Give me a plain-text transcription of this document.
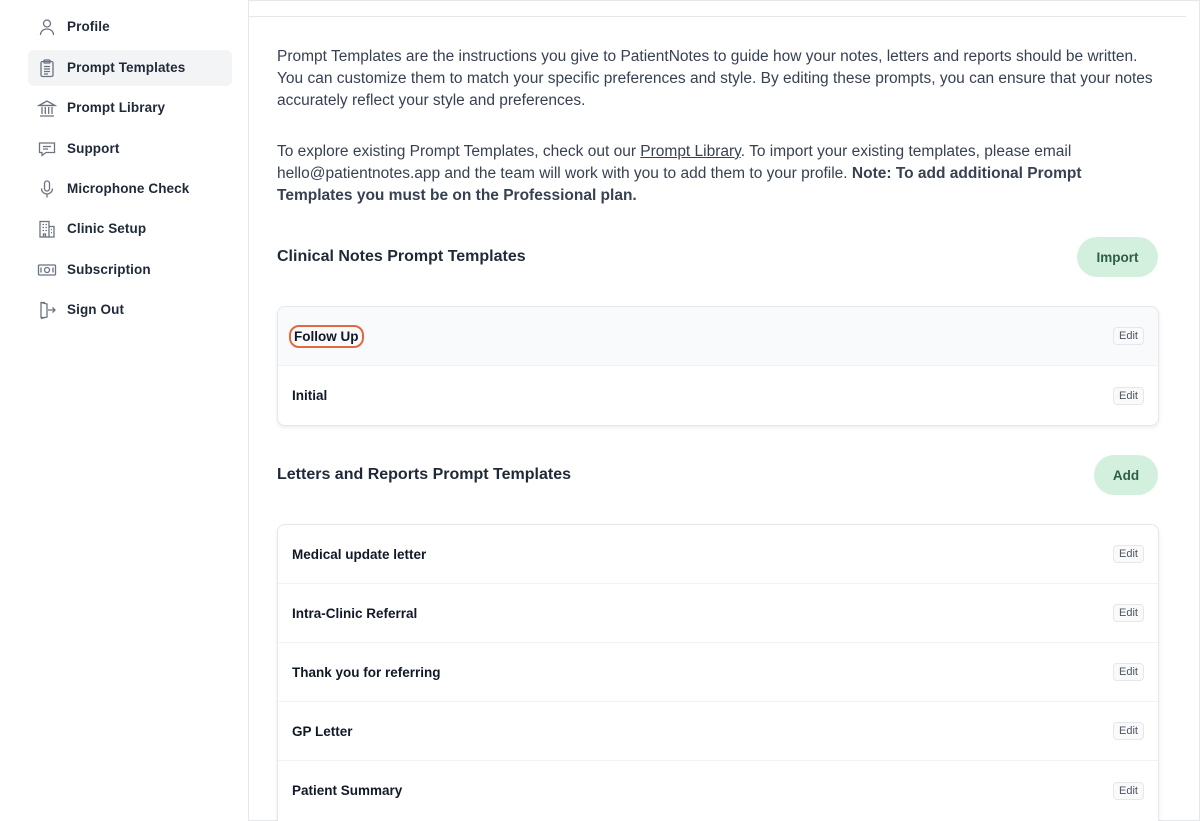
Profile
Prompt Templates
Prompt Library
Support
Microphone Check
Clinic Setup
Subscription
Sign Out

Prompt Templates are the instructions you give to PatientNotes to guide how your notes, letters and reports should be written. You can customize them to match your specific preferences and style. By editing these prompts, you can ensure that your notes accurately reflect your style and preferences.

To explore existing Prompt Templates, check out our Prompt Library. To import your existing templates, please email hello@patientnotes.app and the team will work with you to add them to your profile. Note: To add additional Prompt Templates you must be on the Professional plan.

Clinical Notes Prompt Templates	Import
Follow Up	Edit
Initial	Edit
Letters and Reports Prompt Templates	Add
Medical update letter	Edit
Intra-Clinic Referral	Edit
Thank you for referring	Edit
GP Letter	Edit
Patient Summary	Edit
